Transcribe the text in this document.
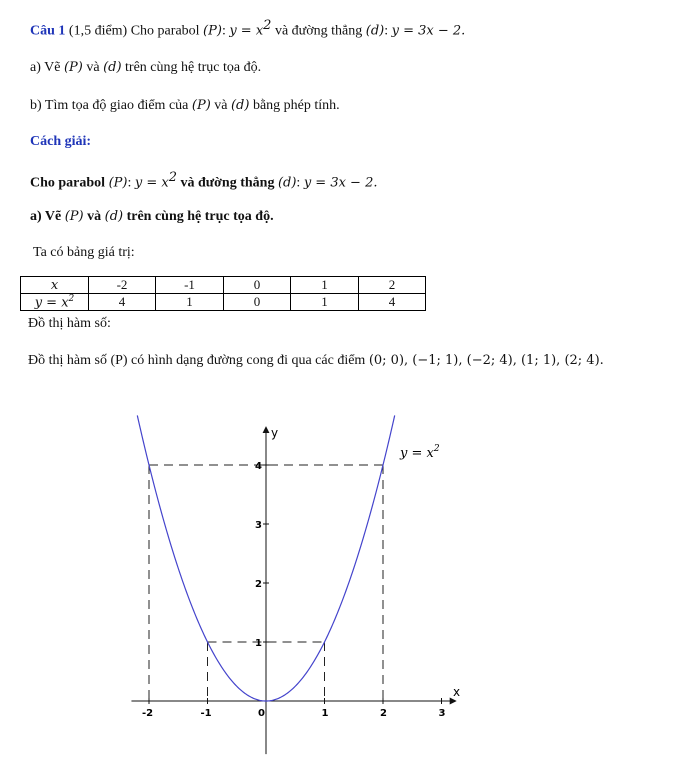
Câu 1 (1,5 điểm) Cho parabol (P): $y = x^2$ và đường thẳng (d): y = 3x − 2.
a) Vẽ (P) và (d) trên cùng hệ trục tọa độ.
b) Tìm tọa độ giao điểm của (P) và (d) bằng phép tính.
Cách giải:
Cho parabol (P): $y = x^2$ và đường thẳng (d): y = 3x − 2.
a) Vẽ (P) và (d) trên cùng hệ trục tọa độ.
Ta có bảng giá trị:
x	-2	-1	0	1	2
$y = x^2$	4	1	0	1	4
Đồ thị hàm số:
Đồ thị hàm số (P) có hình dạng đường cong đi qua các điểm (0; 0), (−1; 1), (−2; 4), (1; 1), (2; 4).
-2	-1	0	1	2	3
1
2
3
4
x
y
$y = x^2$
